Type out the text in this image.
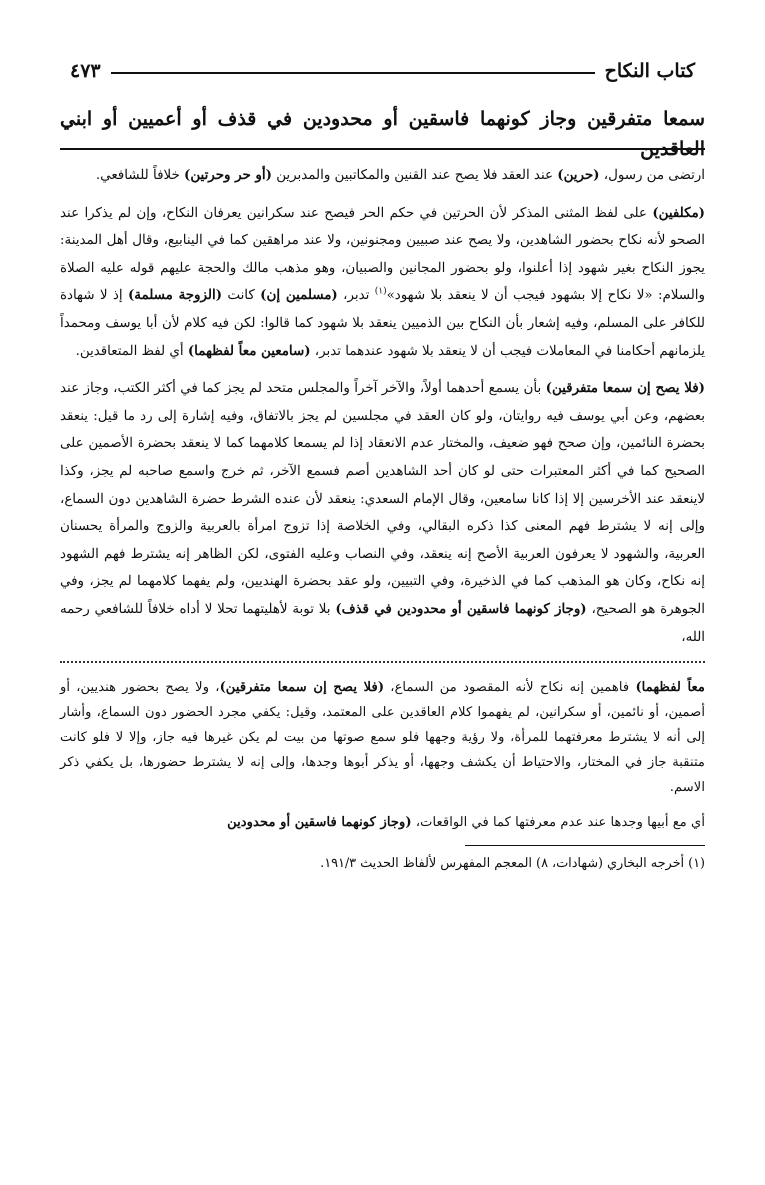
كتاب النكاح
٤٧٣
سمعا متفرقين وجاز كونهما فاسقين أو محدودين في قذف أو أعميين أو ابني العاقدين

ارتضى من رسول، (حرين) عند العقد فلا يصح عند القنين والمكاتبين والمدبرين (أو حر وحرتين) خلافاً للشافعي.

(مكلفين) على لفظ المثنى المذكر لأن الحرتين في حكم الحر فيصح عند سكرانين يعرفان النكاح، وإن لم يذكرا عند الصحو لأنه نكاح بحضور الشاهدين، ولا يصح عند صبيين ومجنونين، ولا عند مراهقين كما في الينابيع، وقال أهل المدينة: يجوز النكاح بغير شهود إذا أعلنوا، ولو بحضور المجانين والصبيان، وهو مذهب مالك والحجة عليهم قوله عليه الصلاة والسلام: «لا نكاح إلا بشهود فيجب أن لا ينعقد بلا شهود»$^{(١)}$ تدبر، (مسلمين إن) كانت (الزوجة مسلمة) إذ لا شهادة للكافر على المسلم، وفيه إشعار بأن النكاح بين الذميين ينعقد بلا شهود كما قالوا: لكن فيه كلام لأن أبا يوسف ومحمداً يلزمانهم أحكامنا في المعاملات فيجب أن لا ينعقد بلا شهود عندهما تدبر، (سامعين معاً لفظهما) أي لفظ المتعاقدين.

(فلا يصح إن سمعا متفرقين) بأن يسمع أحدهما أولاً، والآخر آخراً والمجلس متحد لم يجز كما في أكثر الكتب، وجاز عند بعضهم، وعن أبي يوسف فيه روايتان، ولو كان العقد في مجلسين لم يجز بالاتفاق، وفيه إشارة إلى رد ما قيل: ينعقد بحضرة النائمين، وإن صحح فهو ضعيف، والمختار عدم الانعقاد إذا لم يسمعا كلامهما كما لا ينعقد بحضرة الأصمين على الصحيح كما في أكثر المعتبرات حتى لو كان أحد الشاهدين أصم فسمع الآخر، ثم خرج واسمع صاحبه لم يجز، وكذا لاينعقد عند الأخرسين إلا إذا كانا سامعين، وقال الإمام السعدي: ينعقد لأن عنده الشرط حضرة الشاهدين دون السماع، وإلى إنه لا يشترط فهم المعنى كذا ذكره البقالي، وفي الخلاصة إذا تزوج امرأة بالعربية والزوج والمرأة يحسنان العربية، والشهود لا يعرفون العربية الأصح إنه ينعقد، وفي النصاب وعليه الفتوى، لكن الظاهر إنه يشترط فهم الشهود إنه نكاح، وكان هو المذهب كما في الذخيرة، وفي التبيين، ولو عقد بحضرة الهنديين، ولم يفهما كلامهما لم يجز، وفي الجوهرة هو الصحيح، (وجاز كونهما فاسقين أو محدودين في قذف) بلا توبة لأهليتهما تحلا لا أداه خلافاً للشافعي رحمه الله،

معاً لفظهما) فاهمين إنه نكاح لأنه المقصود من السماع، (فلا يصح إن سمعا متفرقين)، ولا يصح بحضور هنديين، أو أصمين، أو نائمين، أو سكرانين، لم يفهموا كلام العاقدين على المعتمد، وقيل: يكفي مجرد الحضور دون السماع، وأشار إلى أنه لا يشترط معرفتهما للمرأة، ولا رؤية وجهها فلو سمع صوتها من بيت لم يكن غيرها فيه جاز، وإلا لا فلو كانت متنقبة جاز في المختار، والاحتياط أن يكشف وجهها، أو يذكر أبوها وجدها، وإلى إنه لا يشترط حضورها، بل يكفي ذكر الاسم.

أي مع أبيها وجدها عند عدم معرفتها كما في الواقعات، (وجاز كونهما فاسقين أو محدودين

(١) أخرجه البخاري (شهادات، ٨) المعجم المفهرس لألفاظ الحديث ١٩١/٣.
